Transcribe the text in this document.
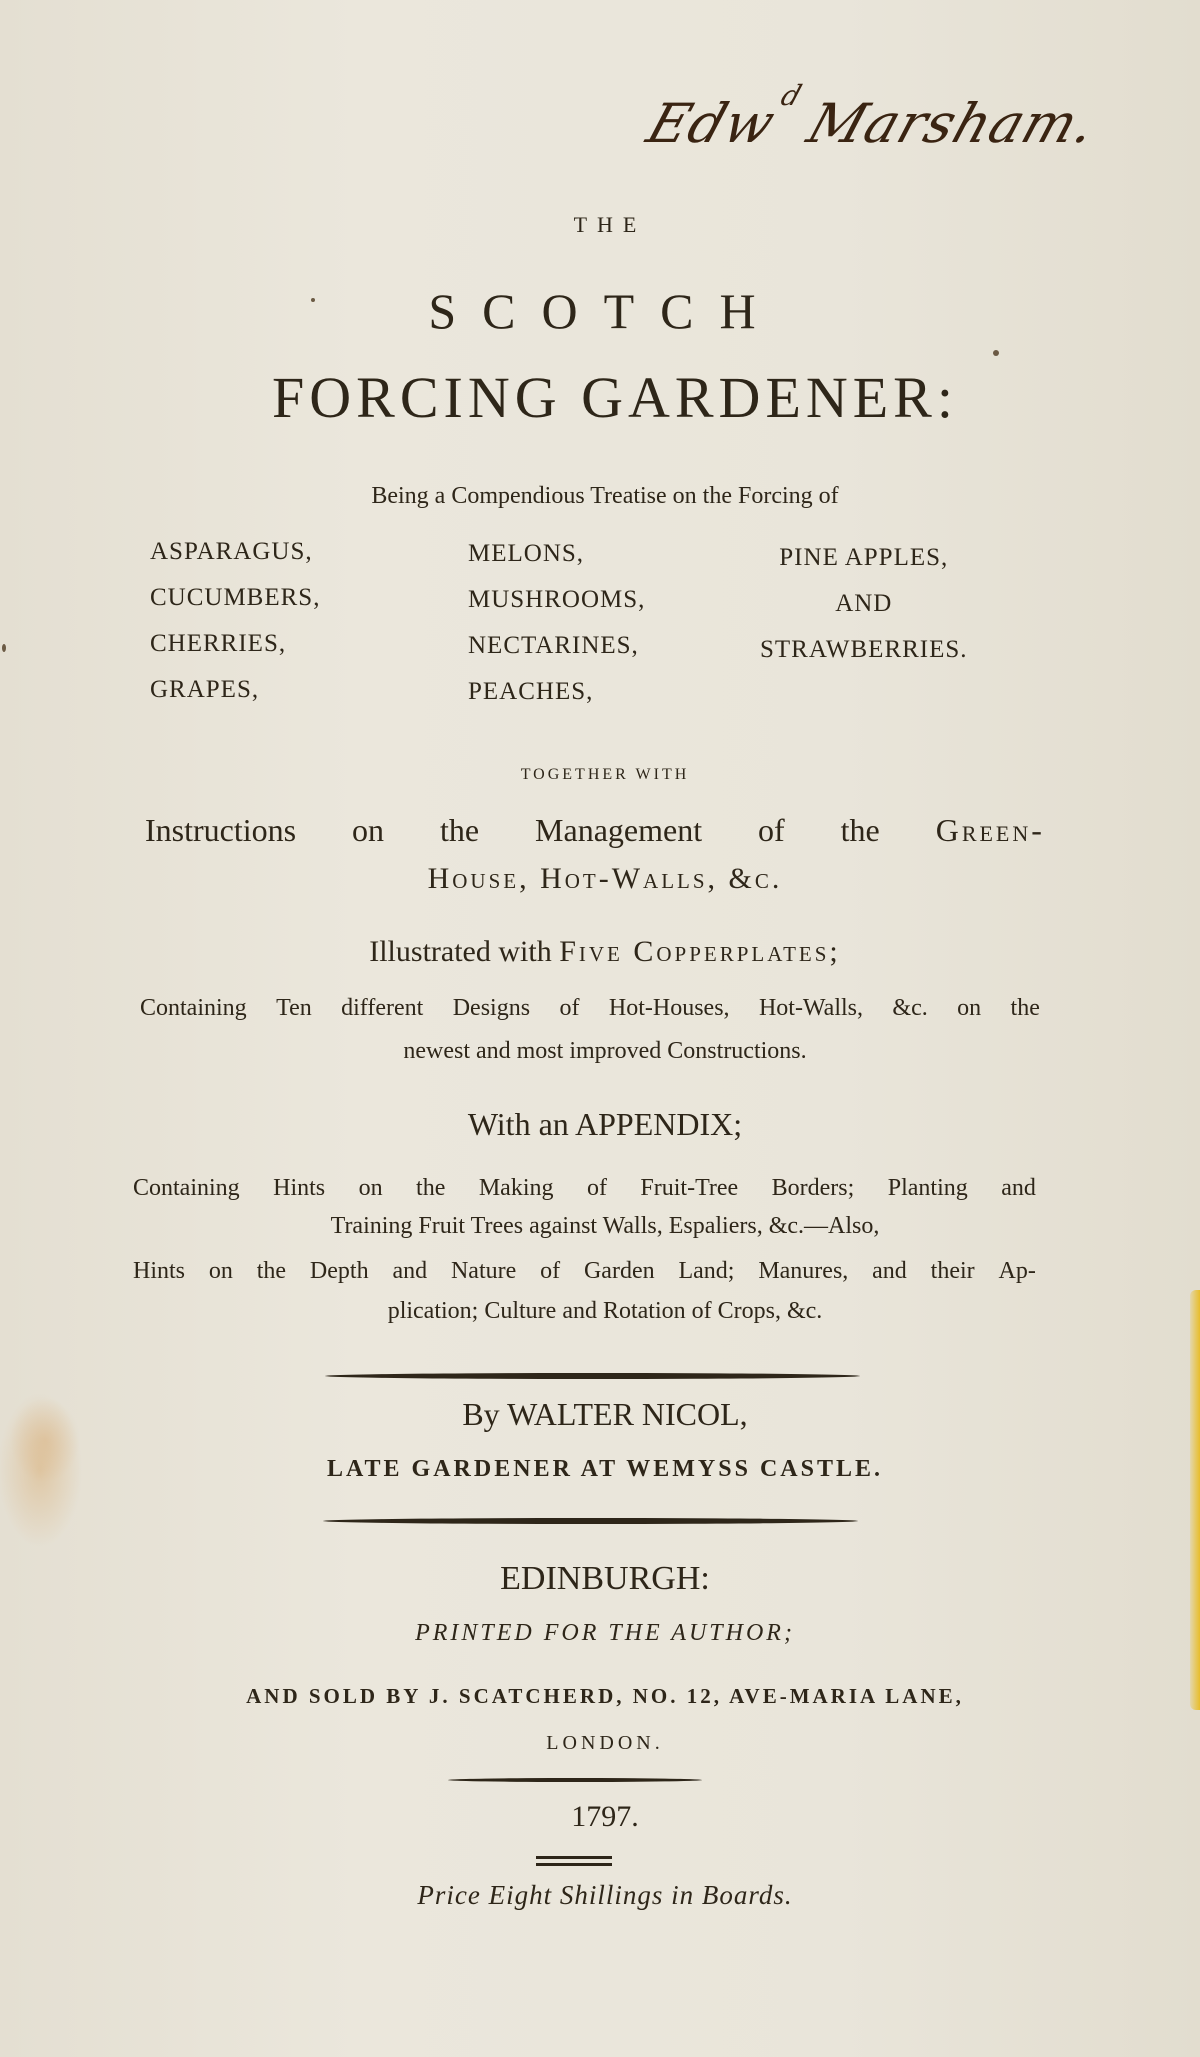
Edw$^d$ Marsham.
THE
SCOTCH
FORCING GARDENER:
Being a Compendious Treatise on the Forcing of
ASPARAGUS,
CUCUMBERS,
CHERRIES,
GRAPES,
MELONS,
MUSHROOMS,
NECTARINES,
PEACHES,
PINE APPLES,
AND
STRAWBERRIES.
TOGETHER WITH
Instructions on the Management of the Green-
House, Hot-Walls, &c.
Illustrated with Five Copperplates;
Containing Ten different Designs of Hot-Houses, Hot-Walls, &c. on the
newest and most improved Constructions.
With an APPENDIX;
Containing Hints on the Making of Fruit-Tree Borders; Planting and
Training Fruit Trees against Walls, Espaliers, &c.—Also,
Hints on the Depth and Nature of Garden Land; Manures, and their Ap-
plication; Culture and Rotation of Crops, &c.
By WALTER NICOL,
LATE GARDENER AT WEMYSS CASTLE.
EDINBURGH:
PRINTED FOR THE AUTHOR;
AND SOLD BY J. SCATCHERD, NO. 12, AVE-MARIA LANE,
LONDON.
1797.
Price Eight Shillings in Boards.
